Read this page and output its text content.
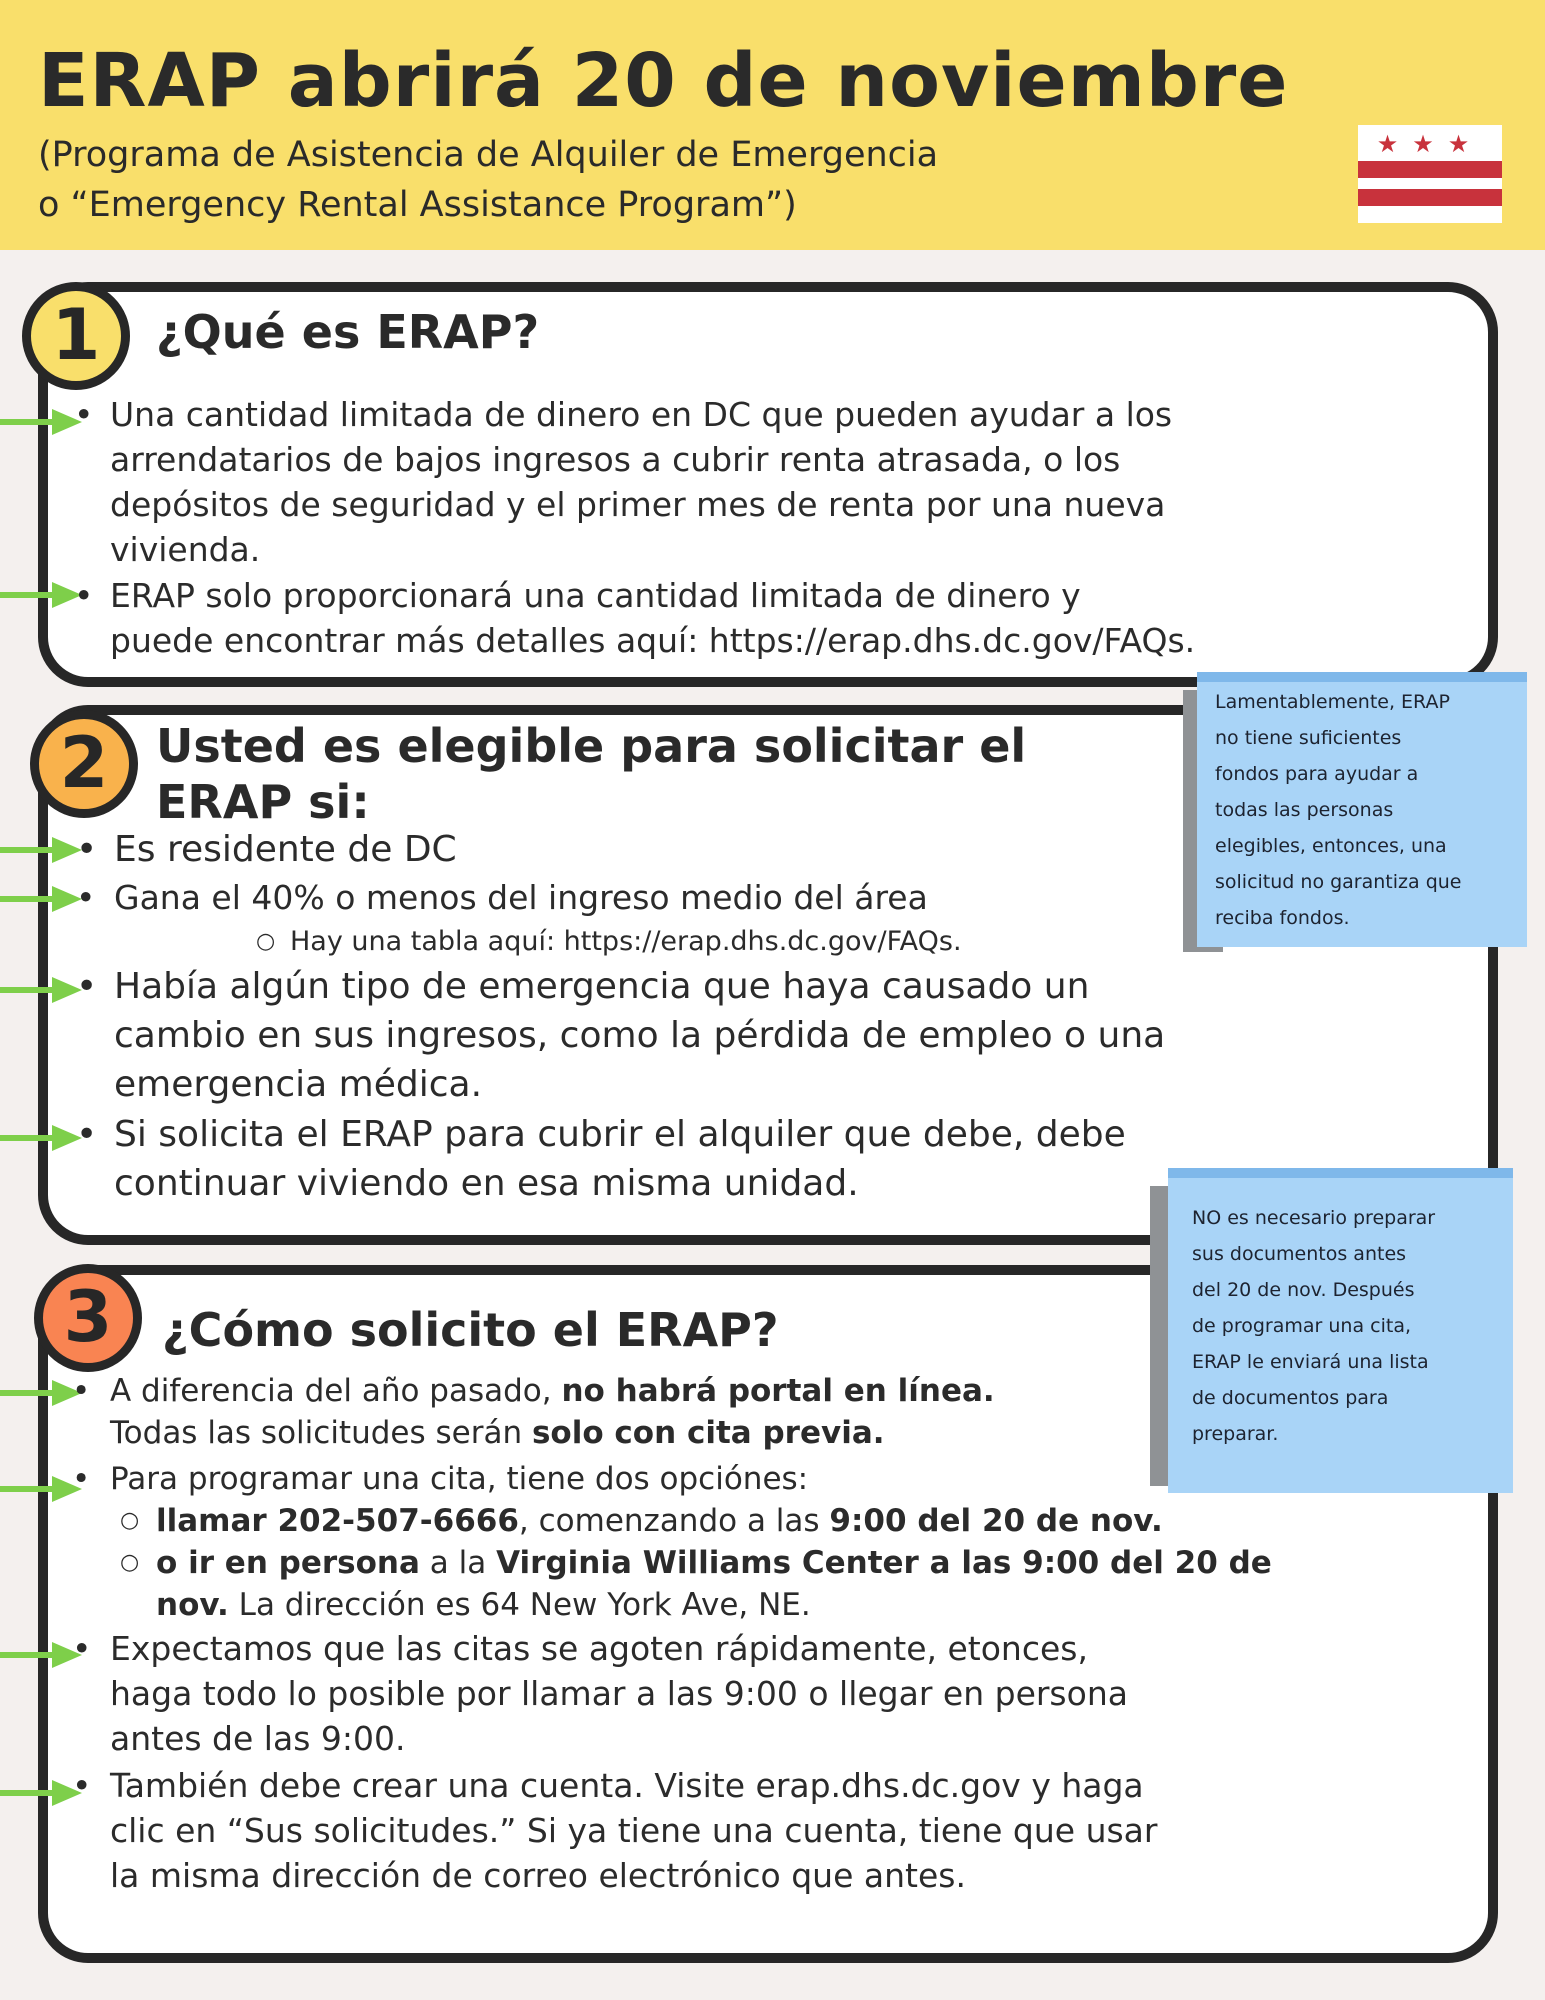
ERAP abrirá 20 de noviembre
(Programa de Asistencia de Alquiler de Emergencia
o “Emergency Rental Assistance Program”)
★★★
1	¿Qué es ERAP?
• Una cantidad limitada de dinero en DC que pueden ayudar a los
arrendatarios de bajos ingresos a cubrir renta atrasada, o los
depósitos de seguridad y el primer mes de renta por una nueva
vivienda.
• ERAP solo proporcionará una cantidad limitada de dinero y
puede encontrar más detalles aquí: https://erap.dhs.dc.gov/FAQs.
2	Usted es elegible para solicitar el
ERAP si:
• Es residente de DC
• Gana el 40% o menos del ingreso medio del área
○ Hay una tabla aquí: https://erap.dhs.dc.gov/FAQs.
• Había algún tipo de emergencia que haya causado un
cambio en sus ingresos, como la pérdida de empleo o una
emergencia médica.
• Si solicita el ERAP para cubrir el alquiler que debe, debe
continuar viviendo en esa misma unidad.
Lamentablemente, ERAP
no tiene suficientes
fondos para ayudar a
todas las personas
elegibles, entonces, una
solicitud no garantiza que
reciba fondos.
3	¿Cómo solicito el ERAP?
• A diferencia del año pasado, no habrá portal en línea.
Todas las solicitudes serán solo con cita previa.
• Para programar una cita, tiene dos opciónes:
○ llamar 202-507-6666, comenzando a las 9:00 del 20 de nov.
○ o ir en persona a la Virginia Williams Center a las 9:00 del 20 de
nov. La dirección es 64 New York Ave, NE.
• Expectamos que las citas se agoten rápidamente, etonces,
haga todo lo posible por llamar a las 9:00 o llegar en persona
antes de las 9:00.
• También debe crear una cuenta. Visite erap.dhs.dc.gov y haga
clic en “Sus solicitudes.” Si ya tiene una cuenta, tiene que usar
la misma dirección de correo electrónico que antes.
NO es necesario preparar
sus documentos antes
del 20 de nov. Después
de programar una cita,
ERAP le enviará una lista
de documentos para
preparar.
